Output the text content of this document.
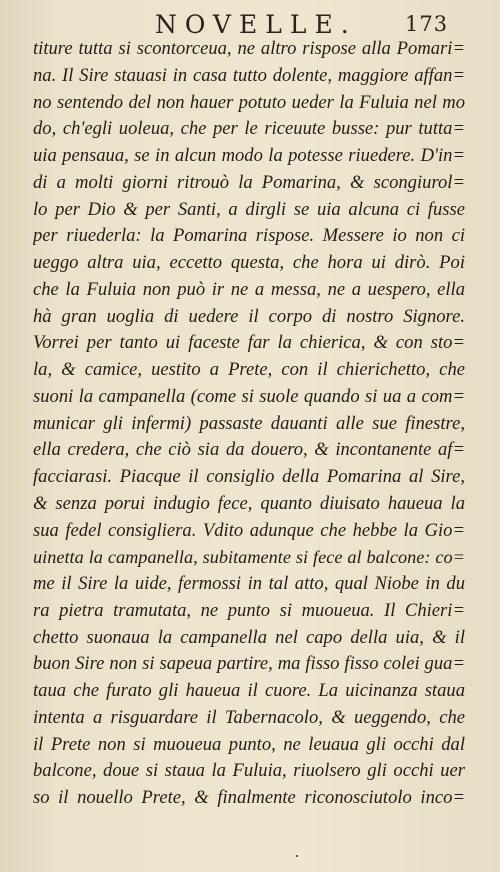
NOVELLE. 173
titure tutta si scontorceua, ne altro rispose alla Pomari=
na. Il Sire stauasi in casa tutto dolente, maggiore affan=
no sentendo del non hauer potuto ueder la Fuluia nel mo
do, ch'egli uoleua, che per le riceuute busse: pur tutta=
uia pensaua, se in alcun modo la potesse riuedere. D'in=
di a molti giorni ritrouò la Pomarina, & scongiurol=
lo per Dio & per Santi, a dirgli se uia alcuna ci fusse
per riuederla: la Pomarina rispose. Messere io non ci
ueggo altra uia, eccetto questa, che hora ui dirò. Poi
che la Fuluia non può ir ne a messa, ne a uespero, ella
hà gran uoglia di uedere il corpo di nostro Signore.
Vorrei per tanto ui faceste far la chierica, & con sto=
la, & camice, uestito a Prete, con il chierichetto, che
suoni la campanella (come si suole quando si ua a com=
municar gli infermi) passaste dauanti alle sue finestre,
ella credera, che ciò sia da douero, & incontanente af=
facciarasi. Piacque il consiglio della Pomarina al Sire,
& senza porui indugio fece, quanto diuisato haueua la
sua fedel consigliera. Vdito adunque che hebbe la Gio=
uinetta la campanella, subitamente si fece al balcone: co=
me il Sire la uide, fermossi in tal atto, qual Niobe in du
ra pietra tramutata, ne punto si muoueua. Il Chieri=
chetto suonaua la campanella nel capo della uia, & il
buon Sire non si sapeua partire, ma fisso fisso colei gua=
taua che furato gli haueua il cuore. La uicinanza staua
intenta a risguardare il Tabernacolo, & ueggendo, che
il Prete non si muoueua punto, ne leuaua gli occhi dal
balcone, doue si staua la Fuluia, riuolsero gli occhi uer
so il nouello Prete, & finalmente riconosciutolo inco=
